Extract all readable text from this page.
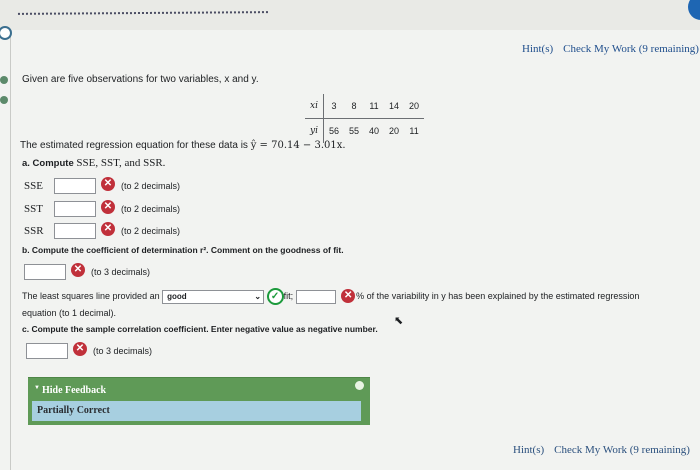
Hint(s) Check My Work (9 remaining)
Given are five observations for two variables, x and y.
xi	3	8	11	14	20
yi	56	55	40	20	11
The estimated regression equation for these data is ŷ = 70.14 − 3.01x.
a. Compute SSE, SST, and SSR.
SSE	✕ (to 2 decimals)
SST	✕ (to 2 decimals)
SSR	✕ (to 2 decimals)
b. Compute the coefficient of determination r². Comment on the goodness of fit.
✕ (to 3 decimals)
The least squares line provided an good	⌄ ✓ fit;	✕ % of the variability in y has been explained by the estimated regression
equation (to 1 decimal).
c. Compute the sample correlation coefficient. Enter negative value as negative number.
⬉
✕ (to 3 decimals)
▼ Hide Feedback
Partially Correct
Hint(s) Check My Work (9 remaining)
